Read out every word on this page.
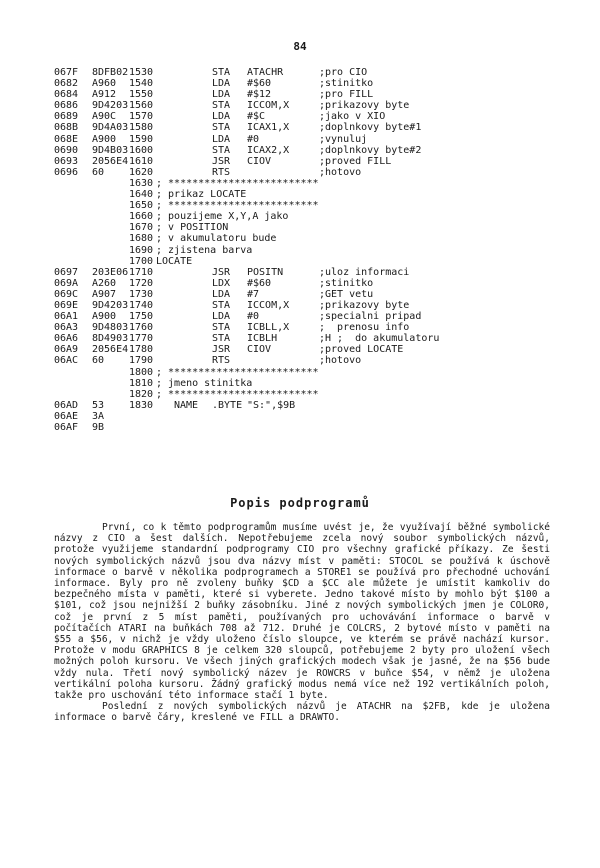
84
067F 8DFB02 1530	STA ATACHR	;pro CIO
0682 A960 1540	LDA #$60	;stinitko
0684 A912 1550	LDA #$12	;pro FILL
0686 9D4203 1560	STA ICCOM,X	;prikazovy byte
0689 A90C 1570	LDA #$C	;jako v XIO
068B 9D4A03 1580	STA ICAX1,X	;doplnkovy byte#1
068E A900 1590	LDA #0	;vynuluj
0690 9D4B03 1600	STA ICAX2,X	;doplnkovy byte#2
0693 2056E4 1610	JSR CIOV	;proved FILL
0696 60 1620	RTS	;hotovo
1630 ; *************************
1640 ; prikaz LOCATE
1650 ; *************************
1660 ; pouzijeme X,Y,A jako
1670 ; v POSITION
1680 ; v akumulatoru bude
1690 ; zjistena barva
1700 LOCATE
0697 203E06 1710	JSR POSITN	;uloz informaci
069A A260 1720	LDX #$60	;stinitko
069C A907 1730	LDA #7	;GET vetu
069E 9D4203 1740	STA ICCOM,X	;prikazovy byte
06A1 A900 1750	LDA #0	;specialni pripad
06A3 9D4803 1760	STA ICBLL,X	;  prenosu info
06A6 8D4903 1770	STA ICBLH	;H ;  do akumulatoru
06A9 2056E4 1780	JSR CIOV	;proved LOCATE
06AC 60 1790	RTS	;hotovo
1800 ; *************************
1810 ; jmeno stinitka
1820 ; *************************
06AD 53 1830 NAME .BYTE "S:",$9B
06AE 3A
06AF 9B
Popis podprogramů

První, co k těmto podprogramům musíme uvést je, že využívají běžné symbolické názvy z CIO a šest dalších. Nepotřebujeme zcela nový soubor symbolických názvů, protože využijeme standardní podprogramy CIO pro všechny grafické příkazy. Ze šesti nových symbolických názvů jsou dva názvy míst v paměti: STOCOL se používá k úschově informace o barvě v několika podprogramech a STORE1 se používá pro přechodné uchování informace. Byly pro ně zvoleny buňky $CD a $CC ale můžete je umístit kamkoliv do bezpečného místa v paměti, které si vyberete. Jedno takové místo by mohlo být $100 a $101, což jsou nejnižší 2 buňky zásobníku. Jiné z nových symbolických jmen je COLOR0, což je první z 5 míst paměti, používaných pro uchovávání informace o barvě v počítačích ATARI na buňkách 708 až 712. Druhé je COLCRS, 2 bytové místo v paměti na $55 a $56, v nichž je vždy uloženo číslo sloupce, ve kterém se právě nachází kursor. Protože v modu GRAPHICS 8 je celkem 320 sloupců, potřebujeme 2 byty pro uložení všech možných poloh kursoru. Ve všech jiných grafických modech však je jasné, že na $56 bude vždy nula. Třetí nový symbolický název je ROWCRS v buňce $54, v němž je uložena vertikální poloha kursoru. Žádný grafický modus nemá více než 192 vertikálních poloh, takže pro uschování této informace stačí 1 byte.

Poslední z nových symbolických názvů je ATACHR na $2FB, kde je uložena informace o barvě čáry, kreslené ve FILL a DRAWTO.
